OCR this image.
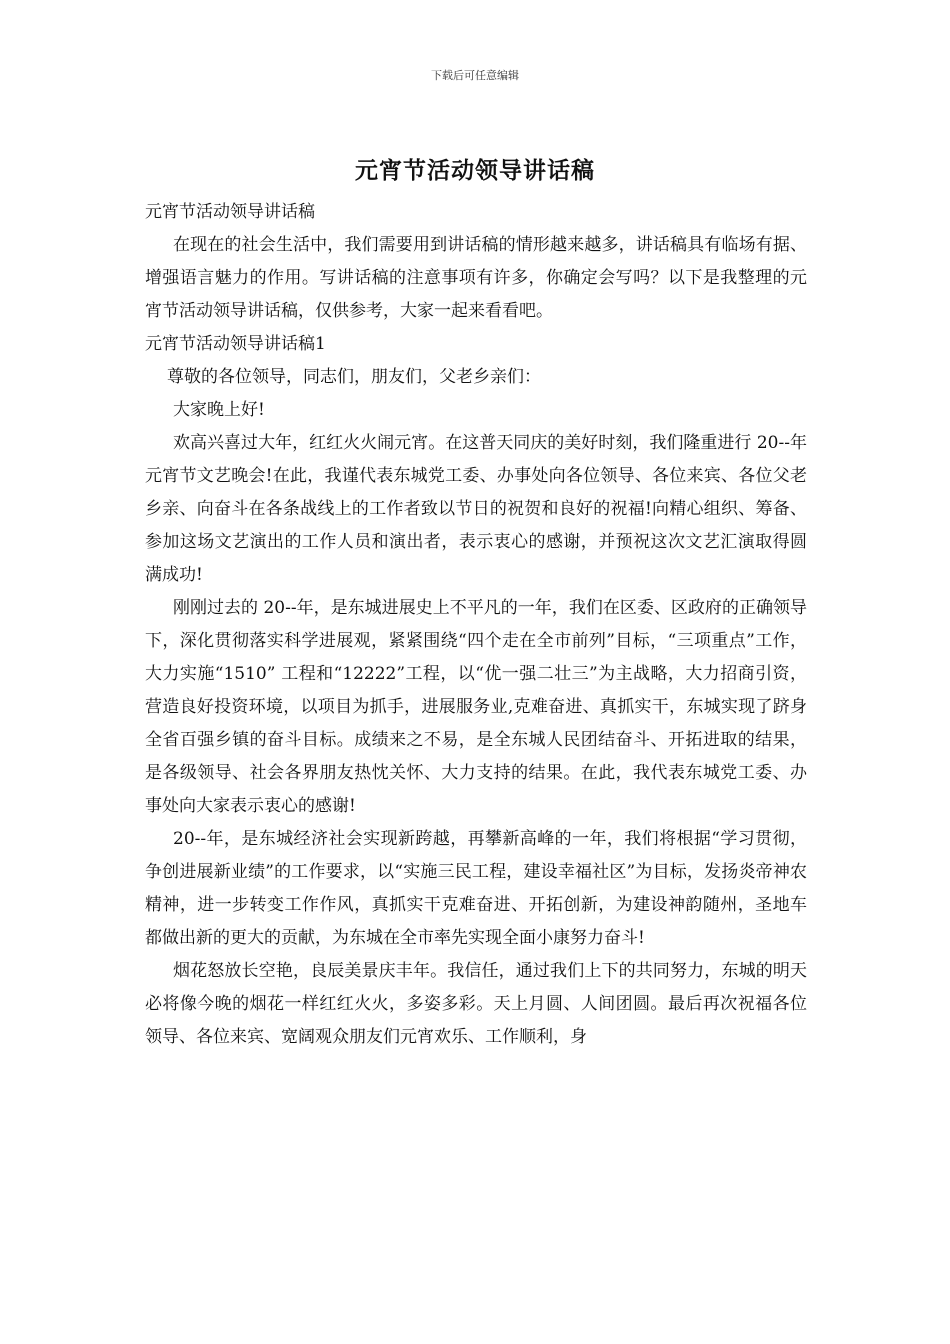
下载后可任意编辑
元宵节活动领导讲话稿

元宵节活动领导讲话稿

在现在的社会生活中，我们需要用到讲话稿的情形越来越多，讲话稿具有临场有据、增强语言魅力的作用。写讲话稿的注意事项有许多，你确定会写吗？以下是我整理的元宵节活动领导讲话稿，仅供参考，大家一起来看看吧。

元宵节活动领导讲话稿1

尊敬的各位领导，同志们，朋友们，父老乡亲们：

大家晚上好!

欢高兴喜过大年，红红火火闹元宵。在这普天同庆的美好时刻，我们隆重进行 20--年元宵节文艺晚会!在此，我谨代表东城党工委、办事处向各位领导、各位来宾、各位父老乡亲、向奋斗在各条战线上的工作者致以节日的祝贺和良好的祝福!向精心组织、筹备、参加这场文艺演出的工作人员和演出者，表示衷心的感谢，并预祝这次文艺汇演取得圆满成功!

刚刚过去的 20--年，是东城进展史上不平凡的一年，我们在区委、区政府的正确领导下，深化贯彻落实科学进展观，紧紧围绕“四个走在全市前列”目标，“三项重点”工作，大力实施“1510” 工程和“12222”工程，以“优一强二壮三”为主战略，大力招商引资，营造良好投资环境，以项目为抓手，进展服务业,克难奋进、真抓实干，东城实现了跻身全省百强乡镇的奋斗目标。成绩来之不易，是全东城人民团结奋斗、开拓进取的结果，是各级领导、社会各界朋友热忱关怀、大力支持的结果。在此，我代表东城党工委、办事处向大家表示衷心的感谢!

20--年，是东城经济社会实现新跨越，再攀新高峰的一年，我们将根据“学习贯彻，争创进展新业绩”的工作要求，以“实施三民工程，建设幸福社区”为目标，发扬炎帝神农精神，进一步转变工作作风，真抓实干克难奋进、开拓创新，为建设神韵随州，圣地车都做出新的更大的贡献，为东城在全市率先实现全面小康努力奋斗!

烟花怒放长空艳，良辰美景庆丰年。我信任，通过我们上下的共同努力，东城的明天必将像今晚的烟花一样红红火火，多姿多彩。天上月圆、人间团圆。最后再次祝福各位领导、各位来宾、宽阔观众朋友们元宵欢乐、工作顺利，身
